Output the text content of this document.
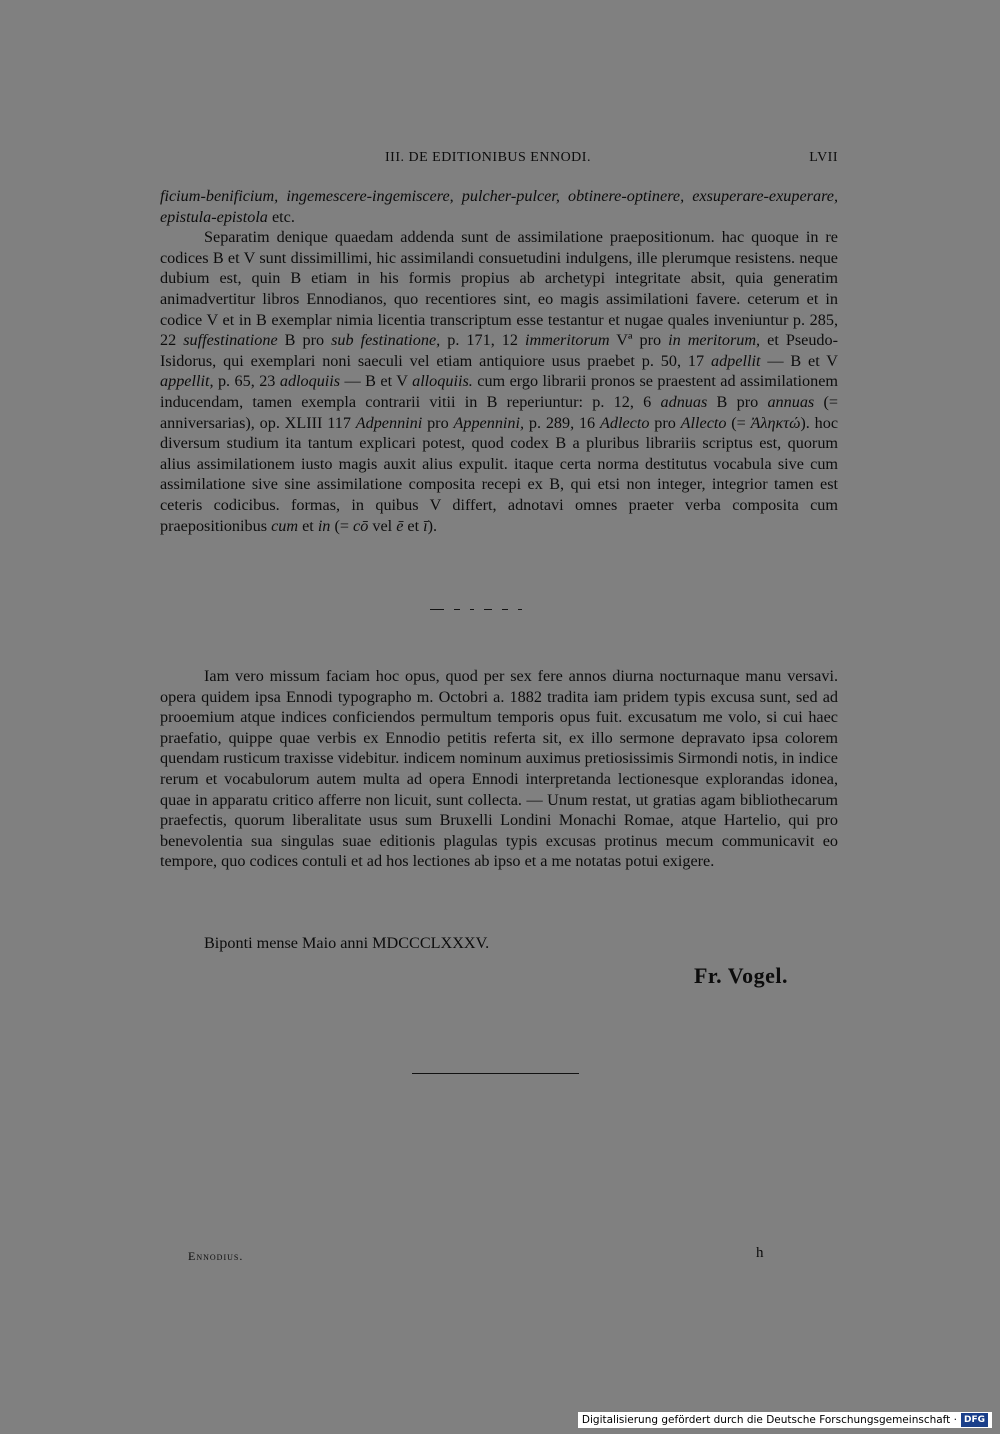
III. DE EDITIONIBUS ENNODI.	LVII

ficium-benificium, ingemescere-ingemiscere, pulcher-pulcer, obtinere-optinere, exsuperare-exuperare, epistula-epistola etc.

Separatim denique quaedam addenda sunt de assimilatione praepositionum. hac quoque in re codices B et V sunt dissimillimi, hic assimilandi consuetudini indulgens, ille plerumque resistens. neque dubium est, quin B etiam in his formis propius ab archetypi integritate absit, quia generatim animadvertitur libros Ennodianos, quo recentiores sint, eo magis assimilationi favere. ceterum et in codice V et in B exemplar nimia licentia transcriptum esse testantur et nugae quales inveniuntur p. 285, 22 suffestinatione B pro sub festinatione, p. 171, 12 immeritorum Vª pro in meritorum, et Pseudo-Isidorus, qui exemplari noni saeculi vel etiam antiquiore usus praebet p. 50, 17 adpellit — B et V appellit, p. 65, 23 adloquiis — B et V alloquiis. cum ergo librarii pronos se praestent ad assimilationem inducendam, tamen exempla contrarii vitii in B reperiuntur: p. 12, 6 adnuas B pro annuas (= anniversarias), op. XLIII 117 Adpennini pro Appennini, p. 289, 16 Adlecto pro Allecto (= Ἀληκτώ). hoc diversum studium ita tantum explicari potest, quod codex B a pluribus librariis scriptus est, quorum alius assimilationem iusto magis auxit alius expulit. itaque certa norma destitutus vocabula sive cum assimilatione sive sine assimilatione composita recepi ex B, qui etsi non integer, integrior tamen est ceteris codicibus. formas, in quibus V differt, adnotavi omnes praeter verba composita cum praepositionibus cum et in (= cō vel ē et ī).

Iam vero missum faciam hoc opus, quod per sex fere annos diurna nocturnaque manu versavi. opera quidem ipsa Ennodi typographo m. Octobri a. 1882 tradita iam pridem typis excusa sunt, sed ad prooemium atque indices conficiendos permultum temporis opus fuit. excusatum me volo, si cui haec praefatio, quippe quae verbis ex Ennodio petitis referta sit, ex illo sermone depravato ipsa colorem quendam rusticum traxisse videbitur. indicem nominum auximus pretiosissimis Sirmondi notis, in indice rerum et vocabulorum autem multa ad opera Ennodi interpretanda lectionesque explorandas idonea, quae in apparatu critico afferre non licuit, sunt collecta. — Unum restat, ut gratias agam bibliothecarum praefectis, quorum liberalitate usus sum Bruxelli Londini Monachi Romae, atque Hartelio, qui pro benevolentia sua singulas suae editionis plagulas typis excusas protinus mecum communicavit eo tempore, quo codices contuli et ad hos lectiones ab ipso et a me notatas potui exigere.

Biponti mense Maio anni MDCCCLXXXV.
Fr. Vogel.
Ennodius.	h
Digitalisierung gefördert durch die Deutsche Forschungsgemeinschaft · DFG
